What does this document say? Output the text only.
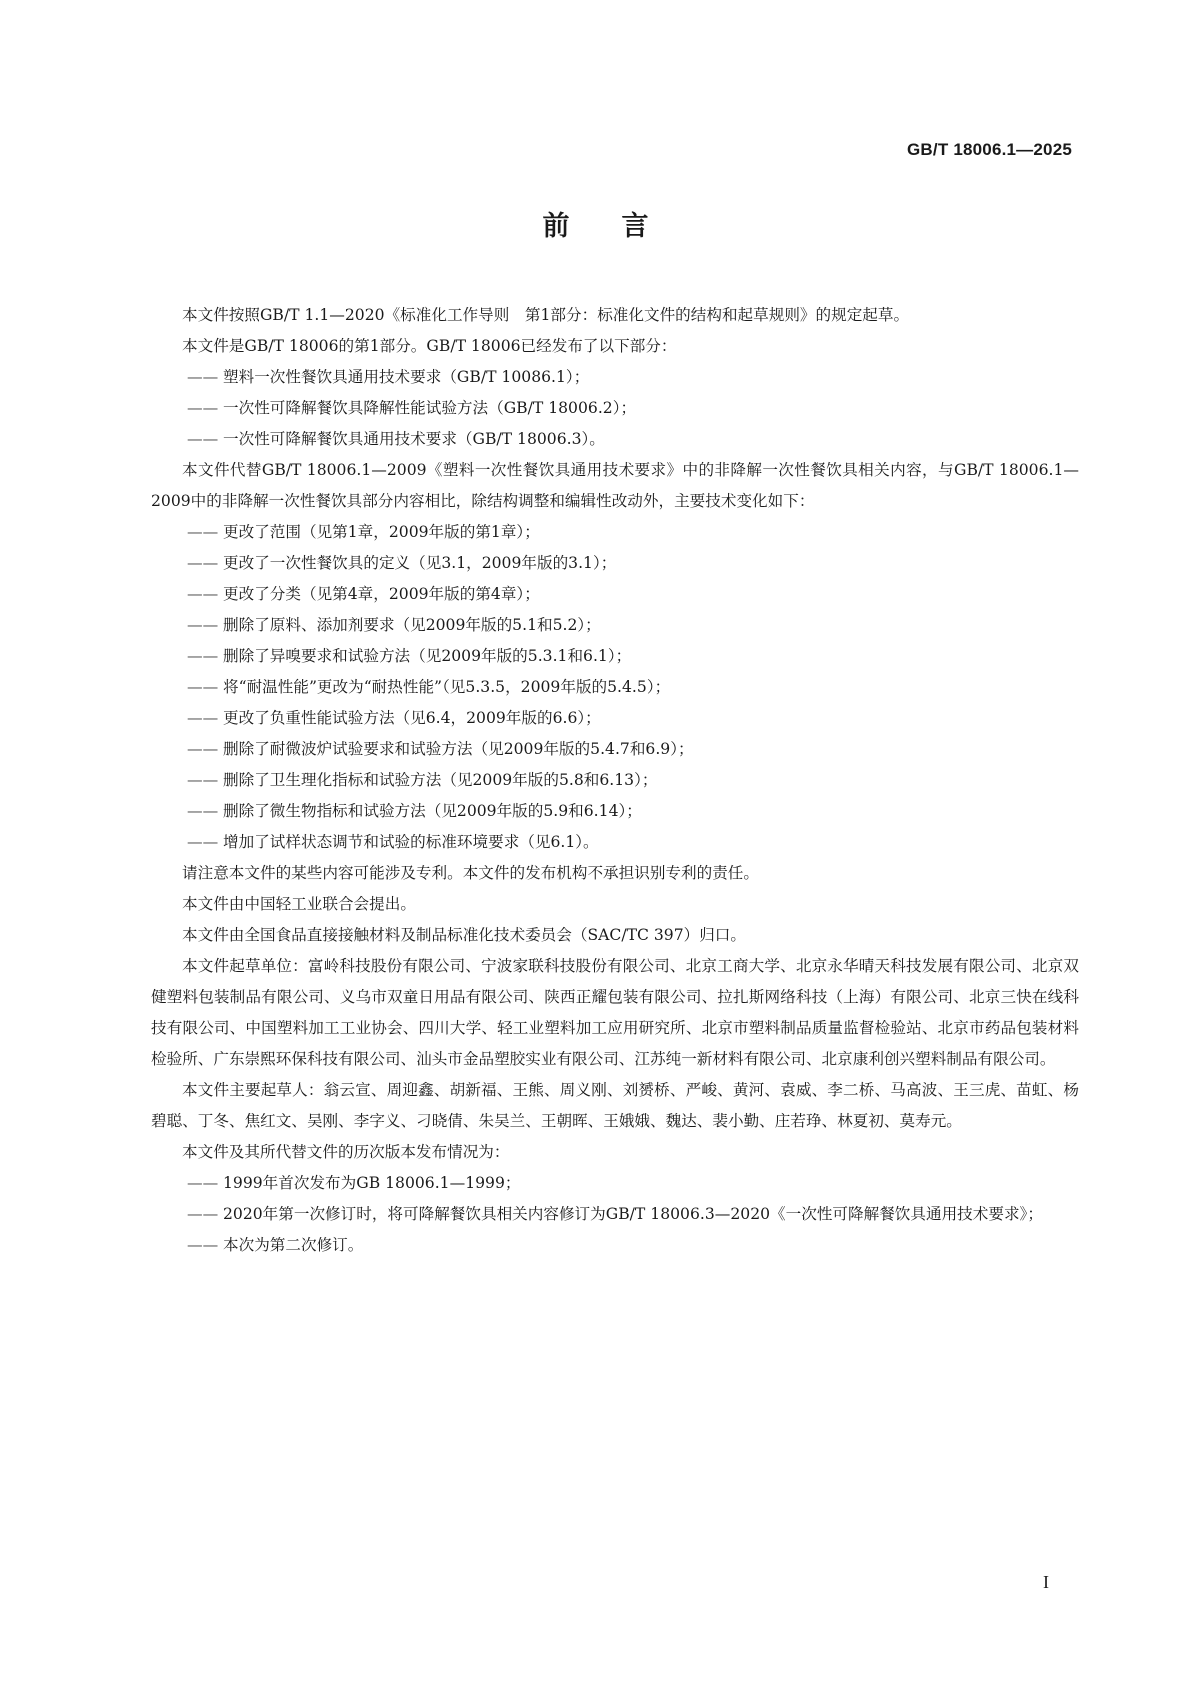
GB/T 18006.1—2025
前言

本文件按照GB/T 1.1—2020《标准化工作导则　第1部分：标准化文件的结构和起草规则》的规定起草。

本文件是GB/T 18006的第1部分。GB/T 18006已经发布了以下部分：

—— 塑料一次性餐饮具通用技术要求（GB/T 10086.1）；

—— 一次性可降解餐饮具降解性能试验方法（GB/T 18006.2）；

—— 一次性可降解餐饮具通用技术要求（GB/T 18006.3）。

本文件代替GB/T 18006.1—2009《塑料一次性餐饮具通用技术要求》中的非降解一次性餐饮具相关内容，与GB/T 18006.1—2009中的非降解一次性餐饮具部分内容相比，除结构调整和编辑性改动外，主要技术变化如下：

—— 更改了范围（见第1章，2009年版的第1章）；

—— 更改了一次性餐饮具的定义（见3.1，2009年版的3.1）；

—— 更改了分类（见第4章，2009年版的第4章）；

—— 删除了原料、添加剂要求（见2009年版的5.1和5.2）；

—— 删除了异嗅要求和试验方法（见2009年版的5.3.1和6.1）；

—— 将“耐温性能”更改为“耐热性能”（见5.3.5，2009年版的5.4.5）；

—— 更改了负重性能试验方法（见6.4，2009年版的6.6）；

—— 删除了耐微波炉试验要求和试验方法（见2009年版的5.4.7和6.9）；

—— 删除了卫生理化指标和试验方法（见2009年版的5.8和6.13）；

—— 删除了微生物指标和试验方法（见2009年版的5.9和6.14）；

—— 增加了试样状态调节和试验的标准环境要求（见6.1）。

请注意本文件的某些内容可能涉及专利。本文件的发布机构不承担识别专利的责任。

本文件由中国轻工业联合会提出。

本文件由全国食品直接接触材料及制品标准化技术委员会（SAC/TC 397）归口。

本文件起草单位：富岭科技股份有限公司、宁波家联科技股份有限公司、北京工商大学、北京永华晴天科技发展有限公司、北京双健塑料包装制品有限公司、义乌市双童日用品有限公司、陕西正耀包装有限公司、拉扎斯网络科技（上海）有限公司、北京三快在线科技有限公司、中国塑料加工工业协会、四川大学、轻工业塑料加工应用研究所、北京市塑料制品质量监督检验站、北京市药品包装材料检验所、广东崇熙环保科技有限公司、汕头市金品塑胶实业有限公司、江苏纯一新材料有限公司、北京康利创兴塑料制品有限公司。

本文件主要起草人：翁云宣、周迎鑫、胡新福、王熊、周义刚、刘赟桥、严峻、黄河、袁威、李二桥、马高波、王三虎、苗虹、杨碧聪、丁冬、焦红文、吴刚、李字义、刁晓倩、朱吴兰、王朝晖、王娥娥、魏达、裴小勤、庄若琤、林夏初、莫寿元。

本文件及其所代替文件的历次版本发布情况为：

—— 1999年首次发布为GB 18006.1—1999；

—— 2020年第一次修订时，将可降解餐饮具相关内容修订为GB/T 18006.3—2020《一次性可降解餐饮具通用技术要求》；

—— 本次为第二次修订。

I
